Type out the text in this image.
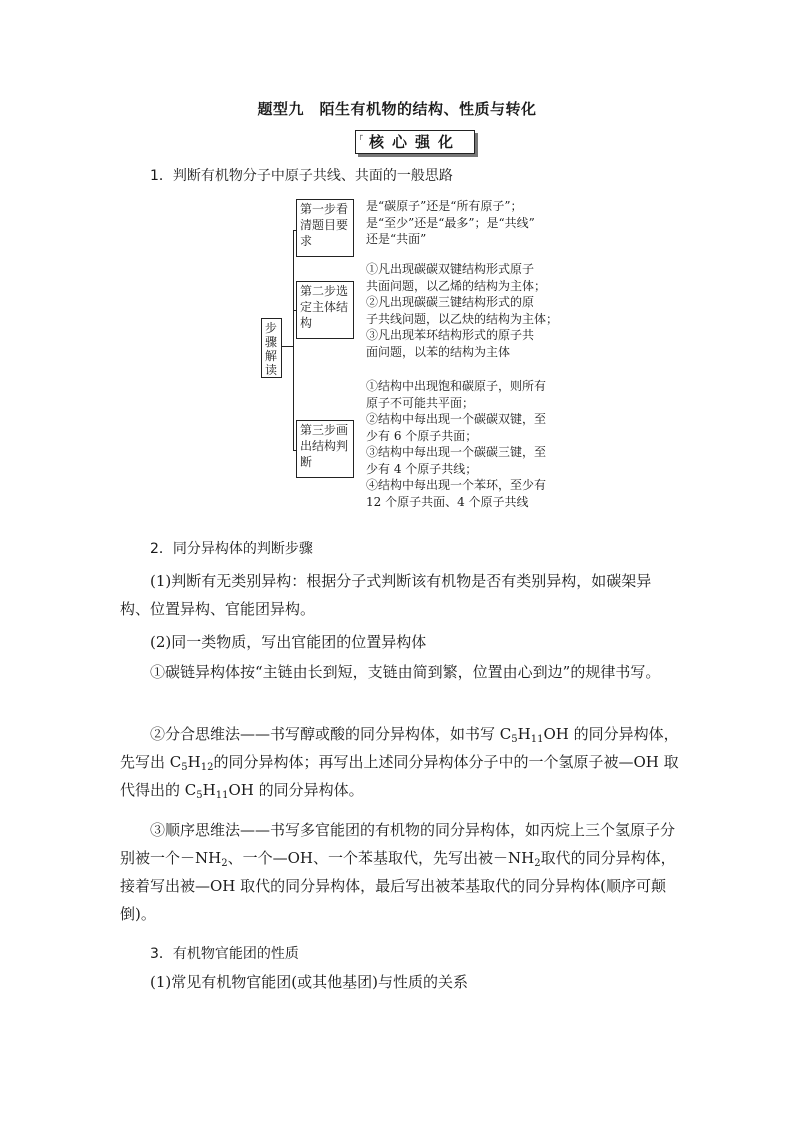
题型九　陌生有机物的结构、性质与转化
┌ 核心强化
1．判断有机物分子中原子共线、共面的一般思路
步骤解读
第一步看清题目要求
第二步选定主体结构
第三步画出结构判断
是“碳原子”还是“所有原子”；
是“至少”还是“最多”；是“共线”
还是“共面”
①凡出现碳碳双键结构形式原子
共面问题，以乙烯的结构为主体；
②凡出现碳碳三键结构形式的原
子共线问题，以乙炔的结构为主体；
③凡出现苯环结构形式的原子共
面问题，以苯的结构为主体
①结构中出现饱和碳原子，则所有
原子不可能共平面；
②结构中每出现一个碳碳双键，至
少有 6 个原子共面；
③结构中每出现一个碳碳三键，至
少有 4 个原子共线；
④结构中每出现一个苯环，至少有
12 个原子共面、4 个原子共线
2．同分异构体的判断步骤
(1)判断有无类别异构：根据分子式判断该有机物是否有类别异构，如碳架异构、位置异构、官能团异构。
(2)同一类物质，写出官能团的位置异构体
①碳链异构体按“主链由长到短，支链由简到繁，位置由心到边”的规律书写。
②分合思维法——书写醇或酸的同分异构体，如书写 $C_5H_{11}OH$ 的同分异构体，先写出 $C_5H_{12}$的同分异构体；再写出上述同分异构体分子中的一个氢原子被—OH 取代得出的 $C_5H_{11}OH$ 的同分异构体。
③顺序思维法——书写多官能团的有机物的同分异构体，如丙烷上三个氢原子分别被一个$-NH_2$、一个—OH、一个苯基取代，先写出被$-NH_2$取代的同分异构体，接着写出被—OH 取代的同分异构体，最后写出被苯基取代的同分异构体(顺序可颠倒)。
3．有机物官能团的性质
(1)常见有机物官能团(或其他基团)与性质的关系
